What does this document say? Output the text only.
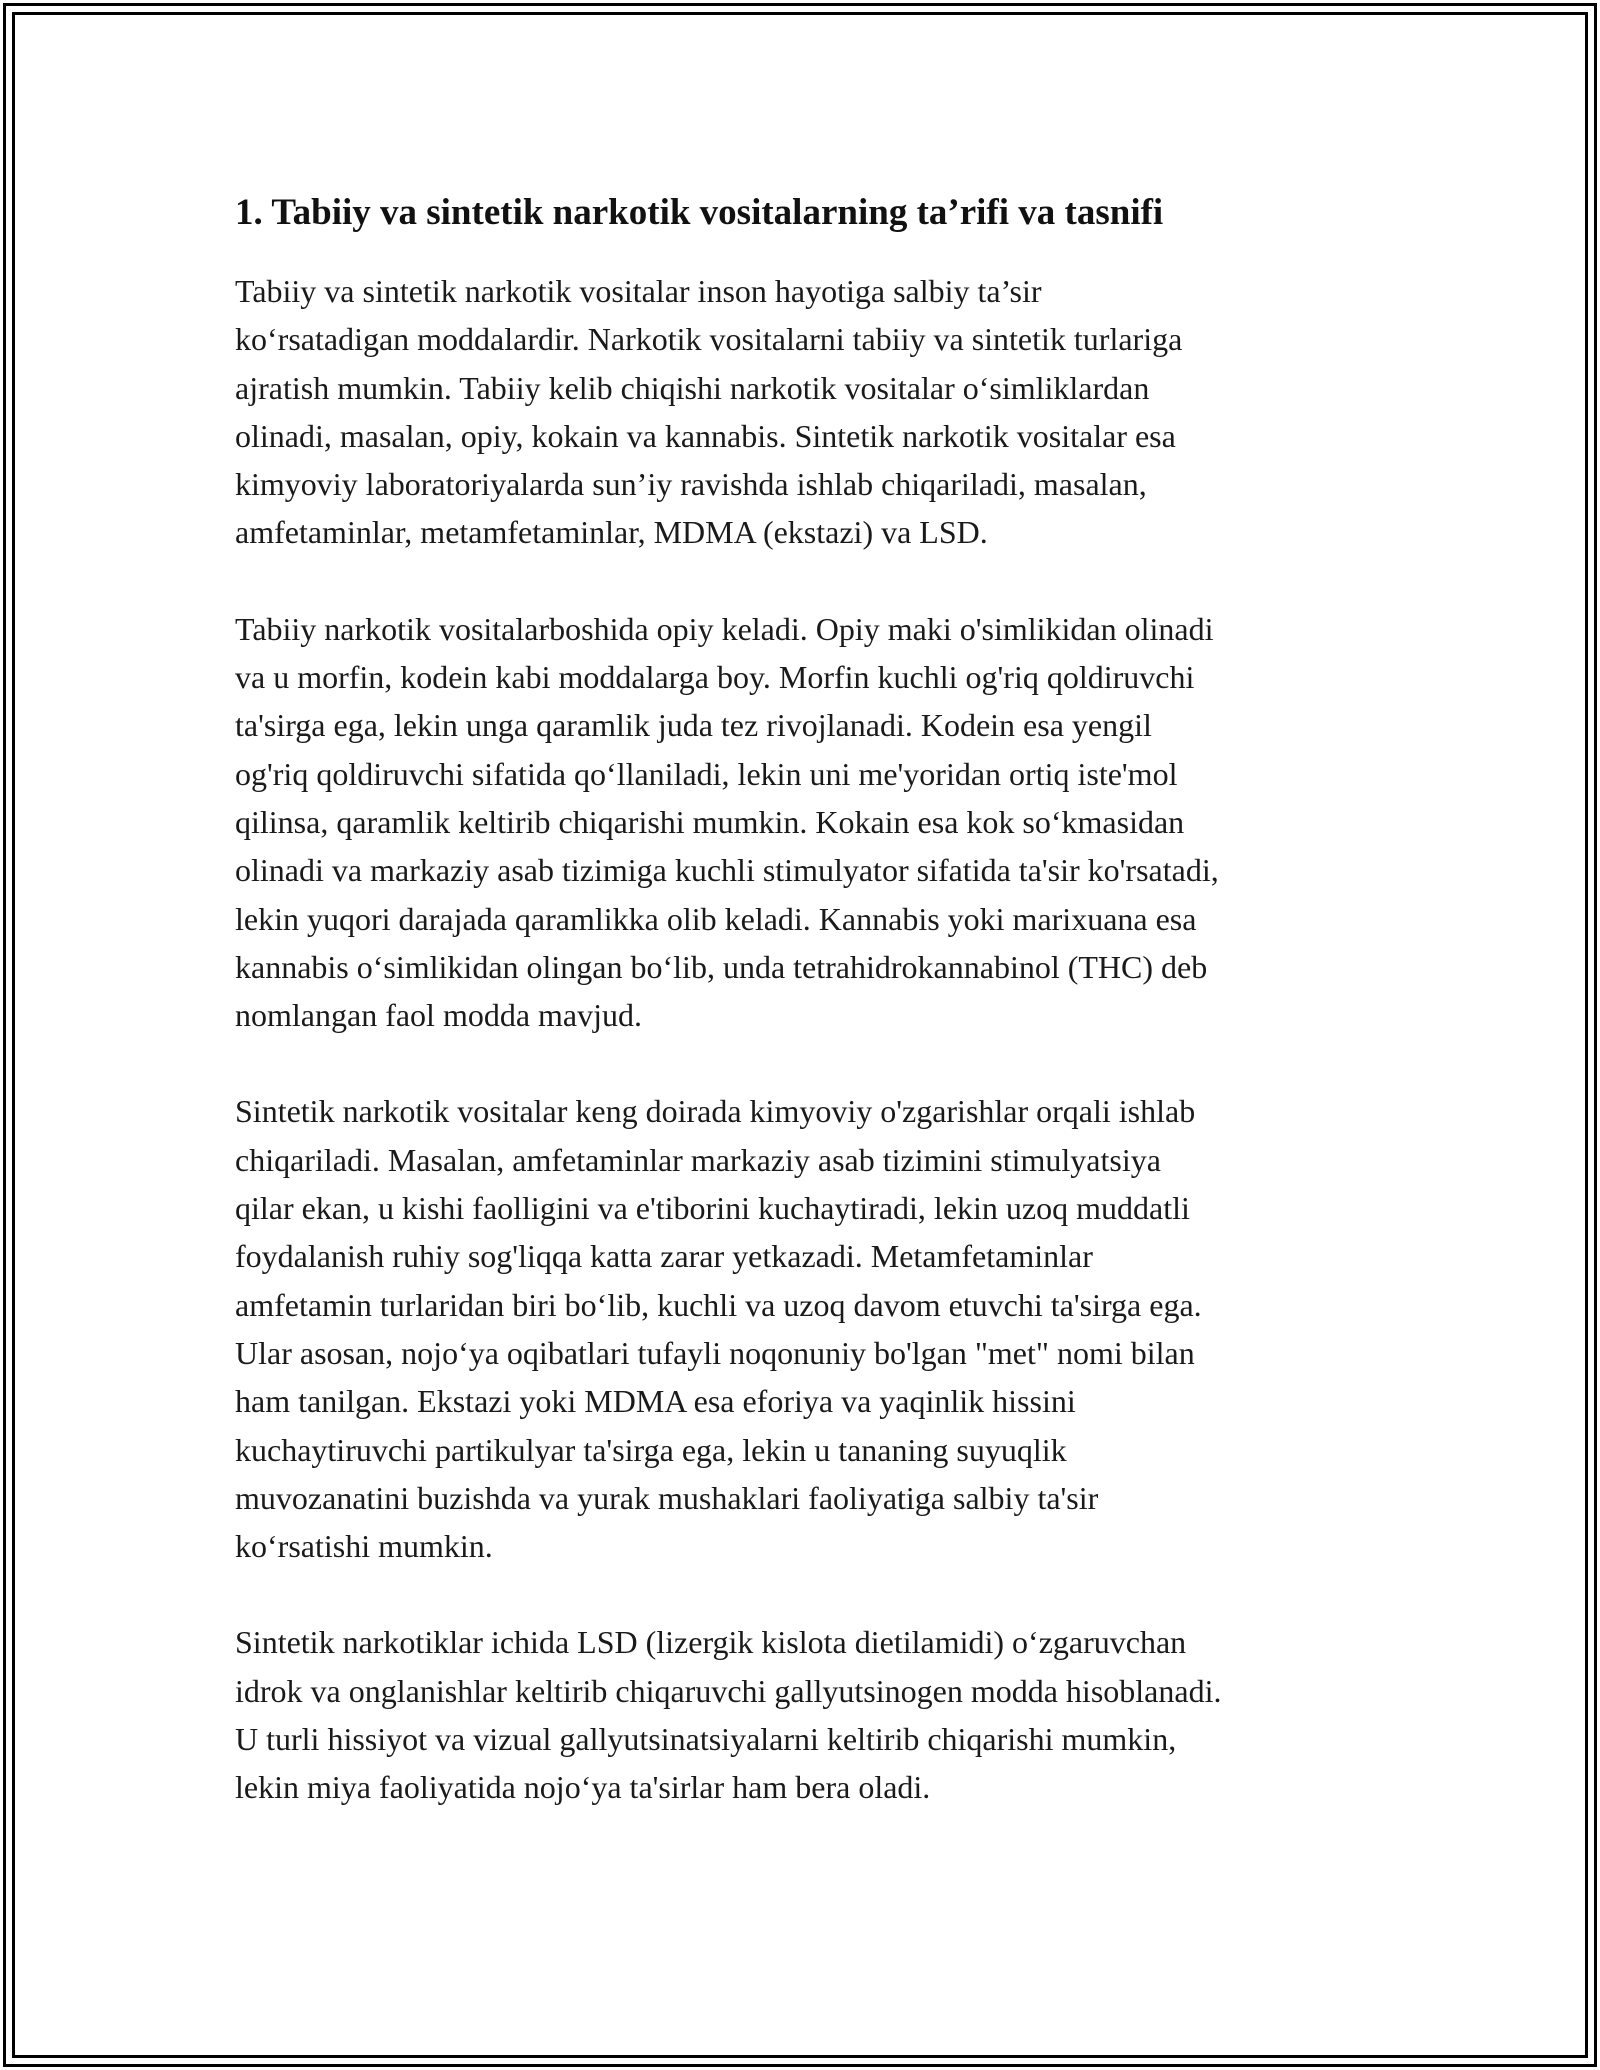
1. Tabiiy va sintetik narkotik vositalarning ta’rifi va tasnifi

Tabiiy va sintetik narkotik vositalar inson hayotiga salbiy ta’sir
ko‘rsatadigan moddalardir. Narkotik vositalarni tabiiy va sintetik turlariga
ajratish mumkin. Tabiiy kelib chiqishi narkotik vositalar o‘simliklardan
olinadi, masalan, opiy, kokain va kannabis. Sintetik narkotik vositalar esa
kimyoviy laboratoriyalarda sun’iy ravishda ishlab chiqariladi, masalan,
amfetaminlar, metamfetaminlar, MDMA (ekstazi) va LSD.

Tabiiy narkotik vositalarboshida opiy keladi. Opiy maki o'simlikidan olinadi
va u morfin, kodein kabi moddalarga boy. Morfin kuchli og'riq qoldiruvchi
ta'sirga ega, lekin unga qaramlik juda tez rivojlanadi. Kodein esa yengil
og'riq qoldiruvchi sifatida qo‘llaniladi, lekin uni me'yoridan ortiq iste'mol
qilinsa, qaramlik keltirib chiqarishi mumkin. Kokain esa kok so‘kmasidan
olinadi va markaziy asab tizimiga kuchli stimulyator sifatida ta'sir ko'rsatadi,
lekin yuqori darajada qaramlikka olib keladi. Kannabis yoki marixuana esa
kannabis o‘simlikidan olingan bo‘lib, unda tetrahidrokannabinol (THC) deb
nomlangan faol modda mavjud.

Sintetik narkotik vositalar keng doirada kimyoviy o'zgarishlar orqali ishlab
chiqariladi. Masalan, amfetaminlar markaziy asab tizimini stimulyatsiya
qilar ekan, u kishi faolligini va e'tiborini kuchaytiradi, lekin uzoq muddatli
foydalanish ruhiy sog'liqqa katta zarar yetkazadi. Metamfetaminlar
amfetamin turlaridan biri bo‘lib, kuchli va uzoq davom etuvchi ta'sirga ega.
Ular asosan, nojo‘ya oqibatlari tufayli noqonuniy bo'lgan "met" nomi bilan
ham tanilgan. Ekstazi yoki MDMA esa eforiya va yaqinlik hissini
kuchaytiruvchi partikulyar ta'sirga ega, lekin u tananing suyuqlik
muvozanatini buzishda va yurak mushaklari faoliyatiga salbiy ta'sir
ko‘rsatishi mumkin.

Sintetik narkotiklar ichida LSD (lizergik kislota dietilamidi) o‘zgaruvchan
idrok va onglanishlar keltirib chiqaruvchi gallyutsinogen modda hisoblanadi.
U turli hissiyot va vizual gallyutsinatsiyalarni keltirib chiqarishi mumkin,
lekin miya faoliyatida nojo‘ya ta'sirlar ham bera oladi.
